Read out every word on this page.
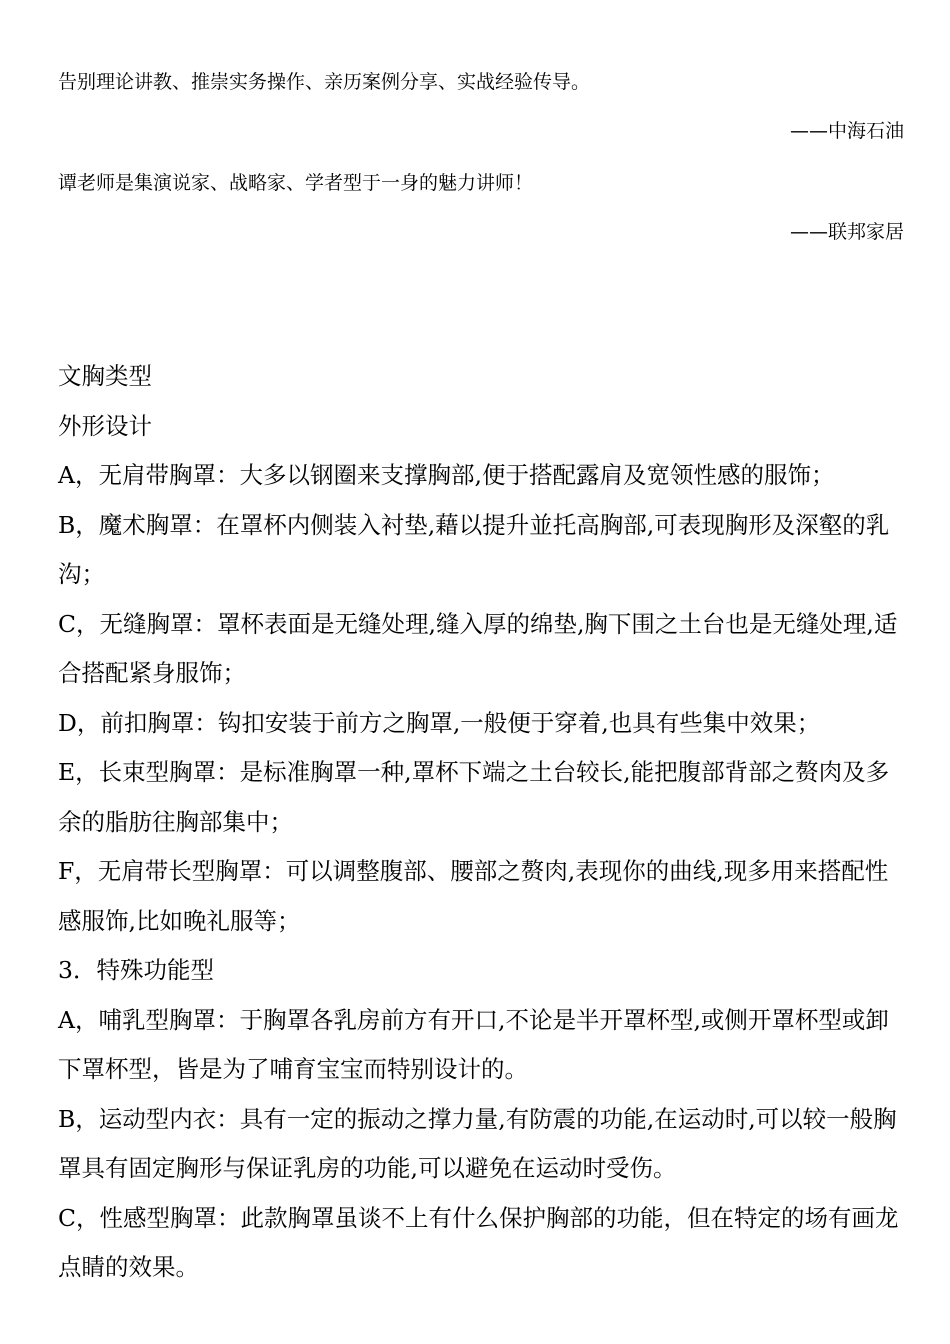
告别理论讲教、推崇实务操作、亲历案例分享、实战经验传导。
——中海石油
谭老师是集演说家、战略家、学者型于一身的魅力讲师！
——联邦家居

文胸类型

外形设计

A，无肩带胸罩：大多以钢圈来支撑胸部,便于搭配露肩及宽领性感的服饰；

B，魔术胸罩：在罩杯内侧装入衬垫,藉以提升並托高胸部,可表现胸形及深壑的乳沟；

C，无缝胸罩：罩杯表面是无缝处理,缝入厚的绵垫,胸下围之土台也是无缝处理,适合搭配紧身服饰；

D，前扣胸罩：钩扣安装于前方之胸罩,一般便于穿着,也具有些集中效果；

E，长束型胸罩：是标准胸罩一种,罩杯下端之土台较长,能把腹部背部之赘肉及多余的脂肪往胸部集中；

F，无肩带长型胸罩：可以调整腹部、腰部之赘肉,表现你的曲线,现多用来搭配性感服饰,比如晚礼服等；

3．特殊功能型

A，哺乳型胸罩：于胸罩各乳房前方有开口,不论是半开罩杯型,或侧开罩杯型或卸下罩杯型，皆是为了哺育宝宝而特别设计的。

B，运动型内衣：具有一定的振动之撑力量,有防震的功能,在运动时,可以较一般胸罩具有固定胸形与保证乳房的功能,可以避免在运动时受伤。

C，性感型胸罩：此款胸罩虽谈不上有什么保护胸部的功能，但在特定的场有画龙点睛的效果。
